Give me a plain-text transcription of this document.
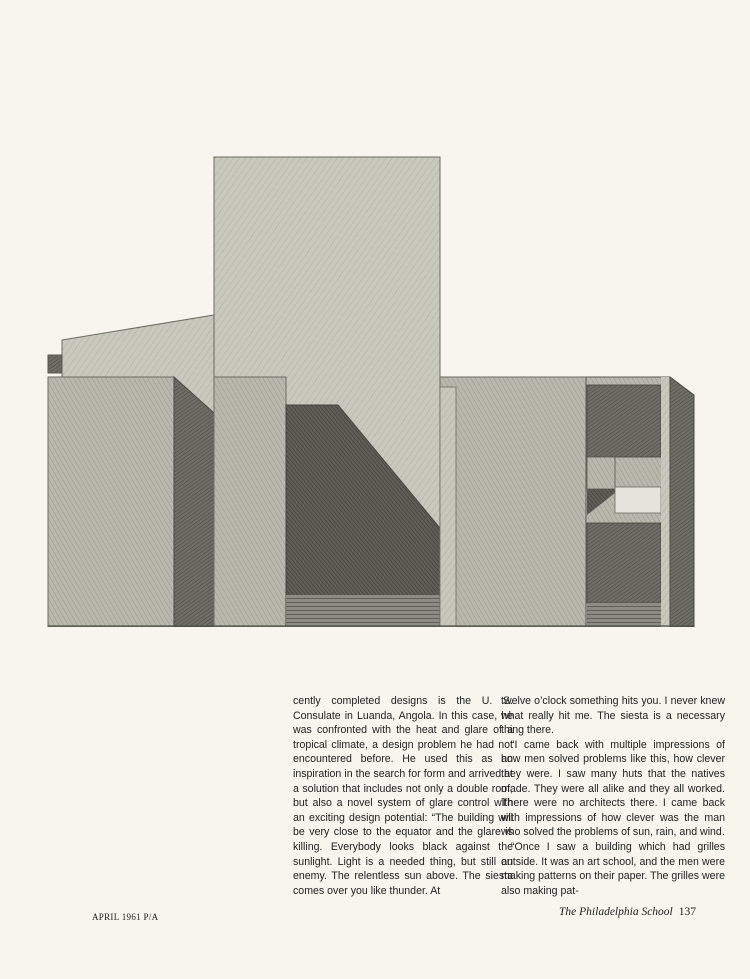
cently completed designs is the U. S. Consulate in Luanda, Angola. In this case, he was confronted with the heat and glare of a tropical climate, a design problem he had not encountered before. He used this as an inspiration in the search for form and arrived at a solution that includes not only a double roof, but also a novel system of glare control with an exciting design potential: “The building will be very close to the equator and the glare is killing. Everybody looks black against the sunlight. Light is a needed thing, but still an enemy. The relentless sun above. The siesta comes over you like thunder. At

twelve o’clock something hits you. I never knew what really hit me. The siesta is a necessary thing there.

“I came back with multiple impressions of how men solved problems like this, how clever they were. I saw many huts that the natives made. They were all alike and they all worked. There were no architects there. I came back with impressions of how clever was the man who solved the problems of sun, rain, and wind.

“Once I saw a building which had grilles outside. It was an art school, and the men were making patterns on their paper. The grilles were also making pat-

APRIL 1961 P/A	The Philadelphia School 137
